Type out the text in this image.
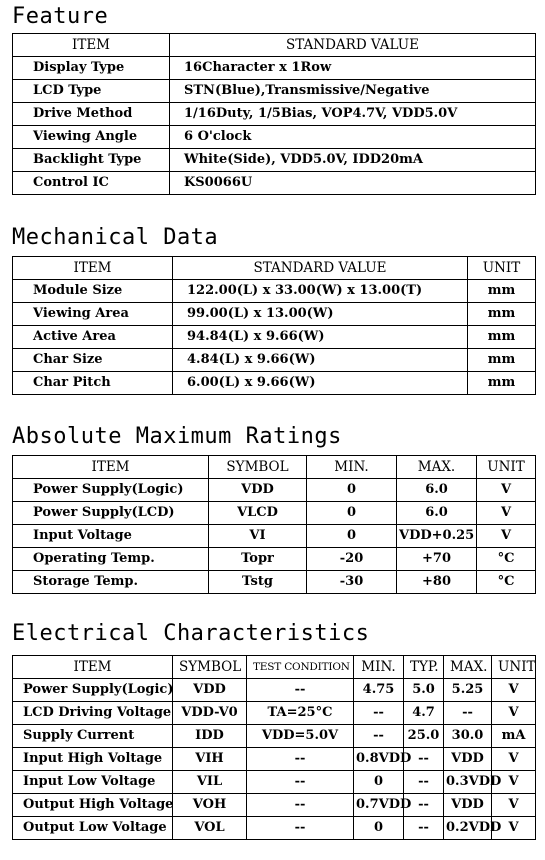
Feature
ITEM	STANDARD VALUE
Display Type	16Character x 1Row
LCD Type	STN(Blue),Transmissive/Negative
Drive Method	1/16Duty, 1/5Bias, VOP4.7V, VDD5.0V
Viewing Angle	6 O'clock
Backlight Type	White(Side), VDD5.0V, IDD20mA
Control IC	KS0066U
Mechanical Data
ITEM	STANDARD VALUE	UNIT
Module Size	122.00(L) x 33.00(W) x 13.00(T)	mm
Viewing Area	99.00(L) x 13.00(W)	mm
Active Area	94.84(L) x 9.66(W)	mm
Char Size	4.84(L) x 9.66(W)	mm
Char Pitch	6.00(L) x 9.66(W)	mm
Absolute Maximum Ratings
ITEM	SYMBOL	MIN.	MAX.	UNIT
Power Supply(Logic)	VDD	0	6.0	V
Power Supply(LCD)	VLCD	0	6.0	V
Input Voltage	VI	0	VDD+0.25	V
Operating Temp.	Topr	-20	+70	°C
Storage Temp.	Tstg	-30	+80	°C
Electrical Characteristics
ITEM	SYMBOL	TEST CONDITION	MIN.	TYP.	MAX.	UNIT
Power Supply(Logic)	VDD	--	4.75	5.0	5.25	V
LCD Driving Voltage	VDD-V0	TA=25°C	--	4.7	--	V
Supply Current	IDD	VDD=5.0V	--	25.0	30.0	mA
Input High Voltage	VIH	--	0.8VDD	--	VDD	V
Input Low Voltage	VIL	--	0	--	0.3VDD	V
Output High Voltage	VOH	--	0.7VDD	--	VDD	V
Output Low Voltage	VOL	--	0	--	0.2VDD	V
